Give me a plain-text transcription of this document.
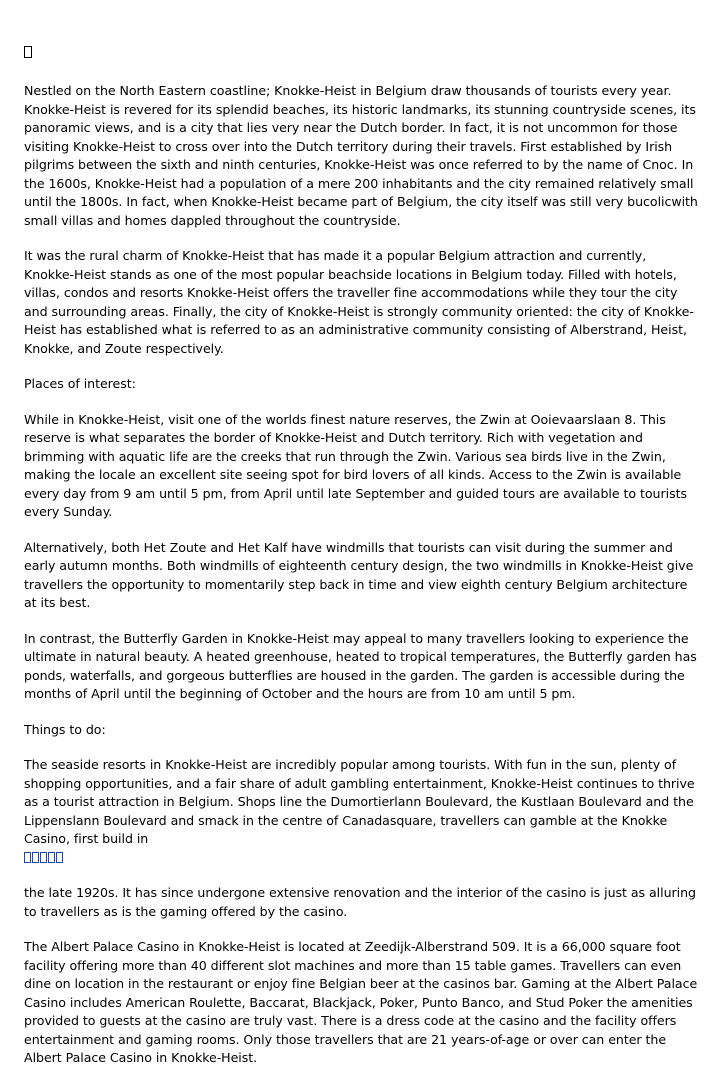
Nestled on the North Eastern coastline; Knokke-Heist in Belgium draw thousands of tourists every year. Knokke-Heist is revered for its splendid beaches, its historic landmarks, its stunning countryside scenes, its panoramic views, and is a city that lies very near the Dutch border. In fact, it is not uncommon for those visiting Knokke-Heist to cross over into the Dutch territory during their travels. First established by Irish pilgrims between the sixth and ninth centuries, Knokke-Heist was once referred to by the name of Cnoc. In the 1600s, Knokke-Heist had a population of a mere 200 inhabitants and the city remained relatively small until the 1800s. In fact, when Knokke-Heist became part of Belgium, the city itself was still very bucolicwith small villas and homes dappled throughout the countryside.

It was the rural charm of Knokke-Heist that has made it a popular Belgium attraction and currently, Knokke-Heist stands as one of the most popular beachside locations in Belgium today. Filled with hotels, villas, condos and resorts Knokke-Heist offers the traveller fine accommodations while they tour the city and surrounding areas. Finally, the city of Knokke-Heist is strongly community oriented: the city of Knokke-Heist has established what is referred to as an administrative community consisting of Alberstrand, Heist, Knokke, and Zoute respectively.

Places of interest:

While in Knokke-Heist, visit one of the worlds finest nature reserves, the Zwin at Ooievaarslaan 8. This reserve is what separates the border of Knokke-Heist and Dutch territory. Rich with vegetation and brimming with aquatic life are the creeks that run through the Zwin. Various sea birds live in the Zwin, making the locale an excellent site seeing spot for bird lovers of all kinds. Access to the Zwin is available every day from 9 am until 5 pm, from April until late September and guided tours are available to tourists every Sunday.

Alternatively, both Het Zoute and Het Kalf have windmills that tourists can visit during the summer and early autumn months. Both windmills of eighteenth century design, the two windmills in Knokke-Heist give travellers the opportunity to momentarily step back in time and view eighth century Belgium architecture at its best.

In contrast, the Butterfly Garden in Knokke-Heist may appeal to many travellers looking to experience the ultimate in natural beauty. A heated greenhouse, heated to tropical temperatures, the Butterfly garden has ponds, waterfalls, and gorgeous butterflies are housed in the garden. The garden is accessible during the months of April until the beginning of October and the hours are from 10 am until 5 pm.

Things to do:

The seaside resorts in Knokke-Heist are incredibly popular among tourists. With fun in the sun, plenty of shopping opportunities, and a fair share of adult gambling entertainment, Knokke-Heist continues to thrive as a tourist attraction in Belgium. Shops line the Dumortierlann Boulevard, the Kustlaan Boulevard and the Lippenslann Boulevard and smack in the centre of Canadasquare, travellers can gamble at the Knokke Casino, first build in

the late 1920s. It has since undergone extensive renovation and the interior of the casino is just as alluring to travellers as is the gaming offered by the casino.

The Albert Palace Casino in Knokke-Heist is located at Zeedijk-Alberstrand 509. It is a 66,000 square foot facility offering more than 40 different slot machines and more than 15 table games. Travellers can even dine on location in the restaurant or enjoy fine Belgian beer at the casinos bar. Gaming at the Albert Palace Casino includes American Roulette, Baccarat, Blackjack, Poker, Punto Banco, and Stud Poker the amenities provided to guests at the casino are truly vast. There is a dress code at the casino and the facility offers entertainment and gaming rooms. Only those travellers that are 21 years-of-age or over can enter the Albert Palace Casino in Knokke-Heist.
